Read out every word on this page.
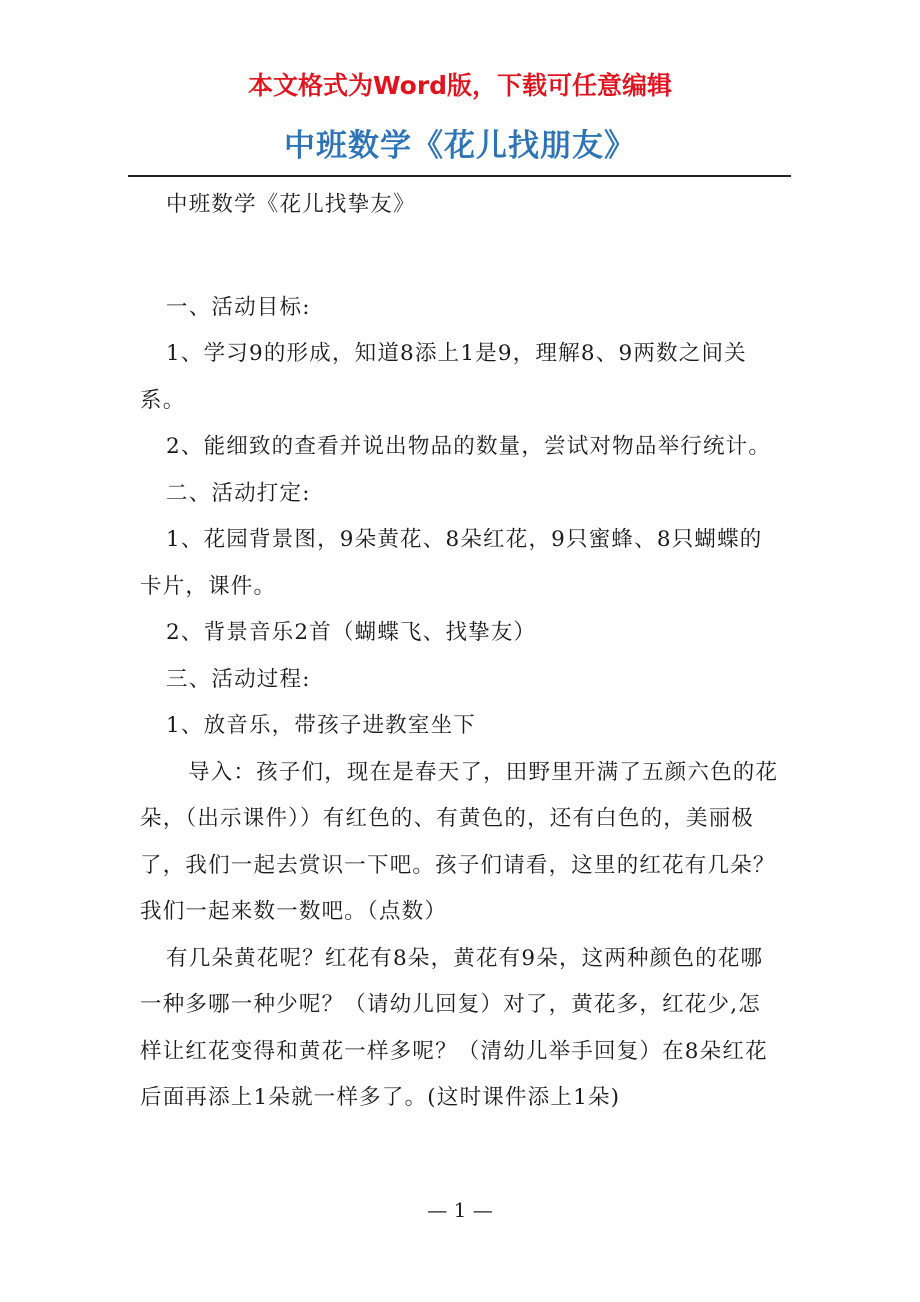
本文格式为Word版，下载可任意编辑
中班数学《花儿找朋友》

中班数学《花儿找挚友》

一、活动目标:

1、学习9的形成，知道8添上1是9，理解8、9两数之间关系。

2、能细致的查看并说出物品的数量，尝试对物品举行统计。

二、活动打定:

1、花园背景图，9朵黄花、8朵红花，9只蜜蜂、8只蝴蝶的卡片，课件。

2、背景音乐2首（蝴蝶飞、找挚友）

三、活动过程:

1、放音乐，带孩子进教室坐下

导入：孩子们，现在是春天了，田野里开满了五颜六色的花朵，（出示课件））有红色的、有黄色的，还有白色的，美丽极了，我们一起去赏识一下吧。孩子们请看，这里的红花有几朵？我们一起来数一数吧。（点数）

有几朵黄花呢？红花有8朵，黄花有9朵，这两种颜色的花哪一种多哪一种少呢？（请幼儿回复）对了，黄花多，红花少,怎样让红花变得和黄花一样多呢？（清幼儿举手回复）在8朵红花后面再添上1朵就一样多了。(这时课件添上1朵)

— 1 —
